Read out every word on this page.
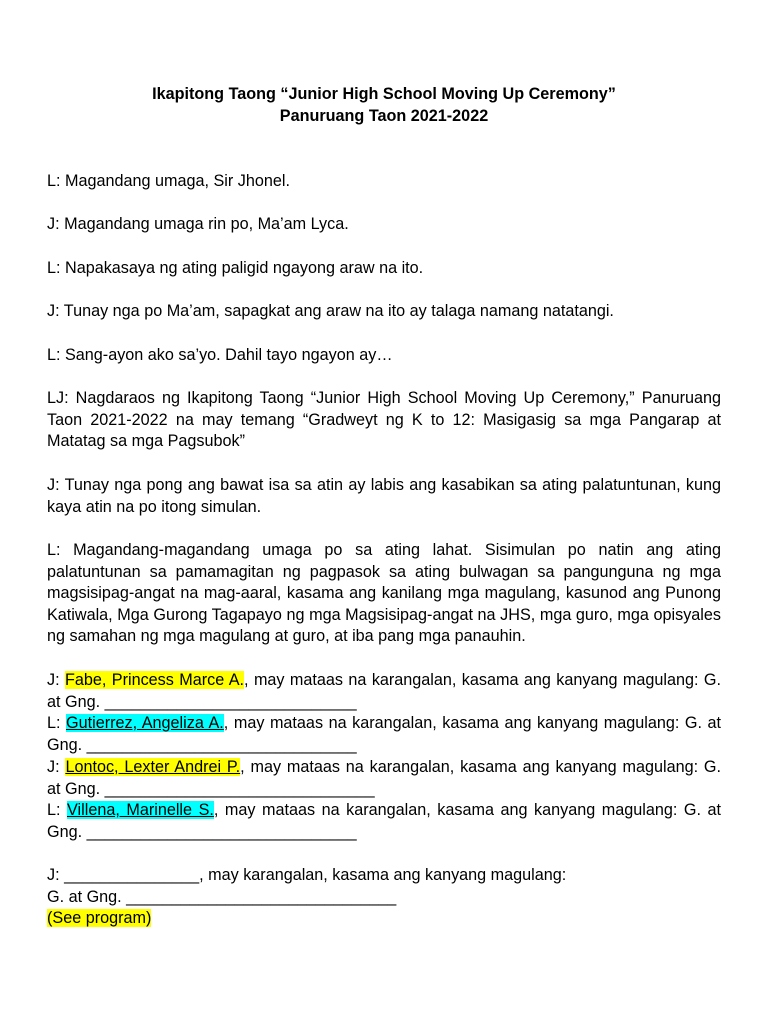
Ikapitong Taong “Junior High School Moving Up Ceremony”
Panuruang Taon 2021-2022
L: Magandang umaga, Sir Jhonel.
J: Magandang umaga rin po, Ma’am Lyca.
L: Napakasaya ng ating paligid ngayong araw na ito.
J: Tunay nga po Ma’am, sapagkat ang araw na ito ay talaga namang natatangi.
L: Sang-ayon ako sa’yo. Dahil tayo ngayon ay…
LJ: Nagdaraos ng Ikapitong Taong “Junior High School Moving Up Ceremony,” Panuruang Taon 2021-2022 na may temang “Gradweyt ng K to 12: Masigasig sa mga Pangarap at Matatag sa mga Pagsubok”
J: Tunay nga pong ang bawat isa sa atin ay labis ang kasabikan sa ating palatuntunan, kung kaya atin na po itong simulan.
L: Magandang-magandang umaga po sa ating lahat. Sisimulan po natin ang ating palatuntunan sa pamamagitan ng pagpasok sa ating bulwagan sa pangunguna ng mga magsisipag-angat na mag-aaral, kasama ang kanilang mga magulang, kasunod ang Punong Katiwala, Mga Gurong Tagapayo ng mga Magsisipag-angat na JHS, mga guro, mga opisyales ng samahan ng mga magulang at guro, at iba pang mga panauhin.
J: Fabe, Princess Marce A., may mataas na karangalan, kasama ang kanyang magulang: G. at Gng. ____________________________
L: Gutierrez, Angeliza A., may mataas na karangalan, kasama ang kanyang magulang: G. at Gng. ______________________________
J: Lontoc, Lexter Andrei P., may mataas na karangalan, kasama ang kanyang magulang: G. at Gng. ______________________________
L: Villena, Marinelle S., may mataas na karangalan, kasama ang kanyang magulang: G. at Gng. ______________________________
J: _______________, may karangalan, kasama ang kanyang magulang:
G. at Gng. ______________________________
(See program)
